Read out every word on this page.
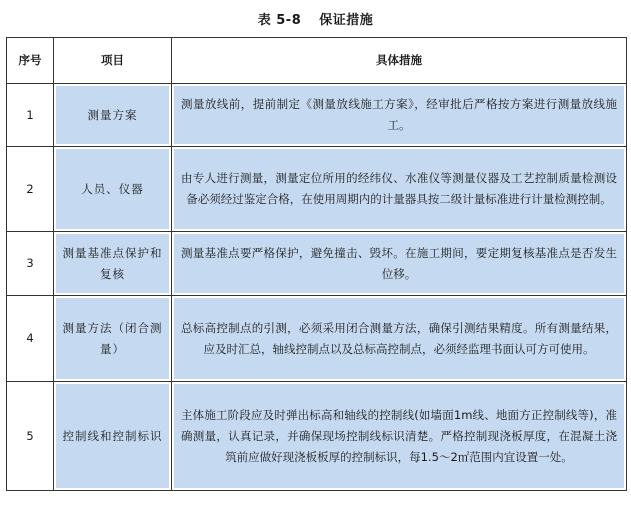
表 5-8 保证措施
序号	项目	具体措施

1	测量方案	测量放线前，提前制定《测量放线施工方案》，经审批后严格按方案进行测量放线施工。

2	人员、仪器	由专人进行测量，测量定位所用的经纬仪、水准仪等测量仪器及工艺控制质量检测设备必须经过鉴定合格，在使用周期内的计量器具按二级计量标准进行计量检测控制。

3	测量基准点保护和复核	测量基准点要严格保护，避免撞击、毁坏。在施工期间，要定期复核基准点是否发生位移。

4	测量方法（闭合测量）	总标高控制点的引测，必须采用闭合测量方法，确保引测结果精度。所有测量结果，应及时汇总，轴线控制点以及总标高控制点，必须经监理书面认可方可使用。

5	控制线和控制标识	主体施工阶段应及时弹出标高和轴线的控制线(如墙面1m线、地面方正控制线等)，准确测量，认真记录，并确保现场控制线标识清楚。严格控制现浇板厚度，在混凝土浇筑前应做好现浇板板厚的控制标识，每1.5～2㎡范围内宜设置一处。
